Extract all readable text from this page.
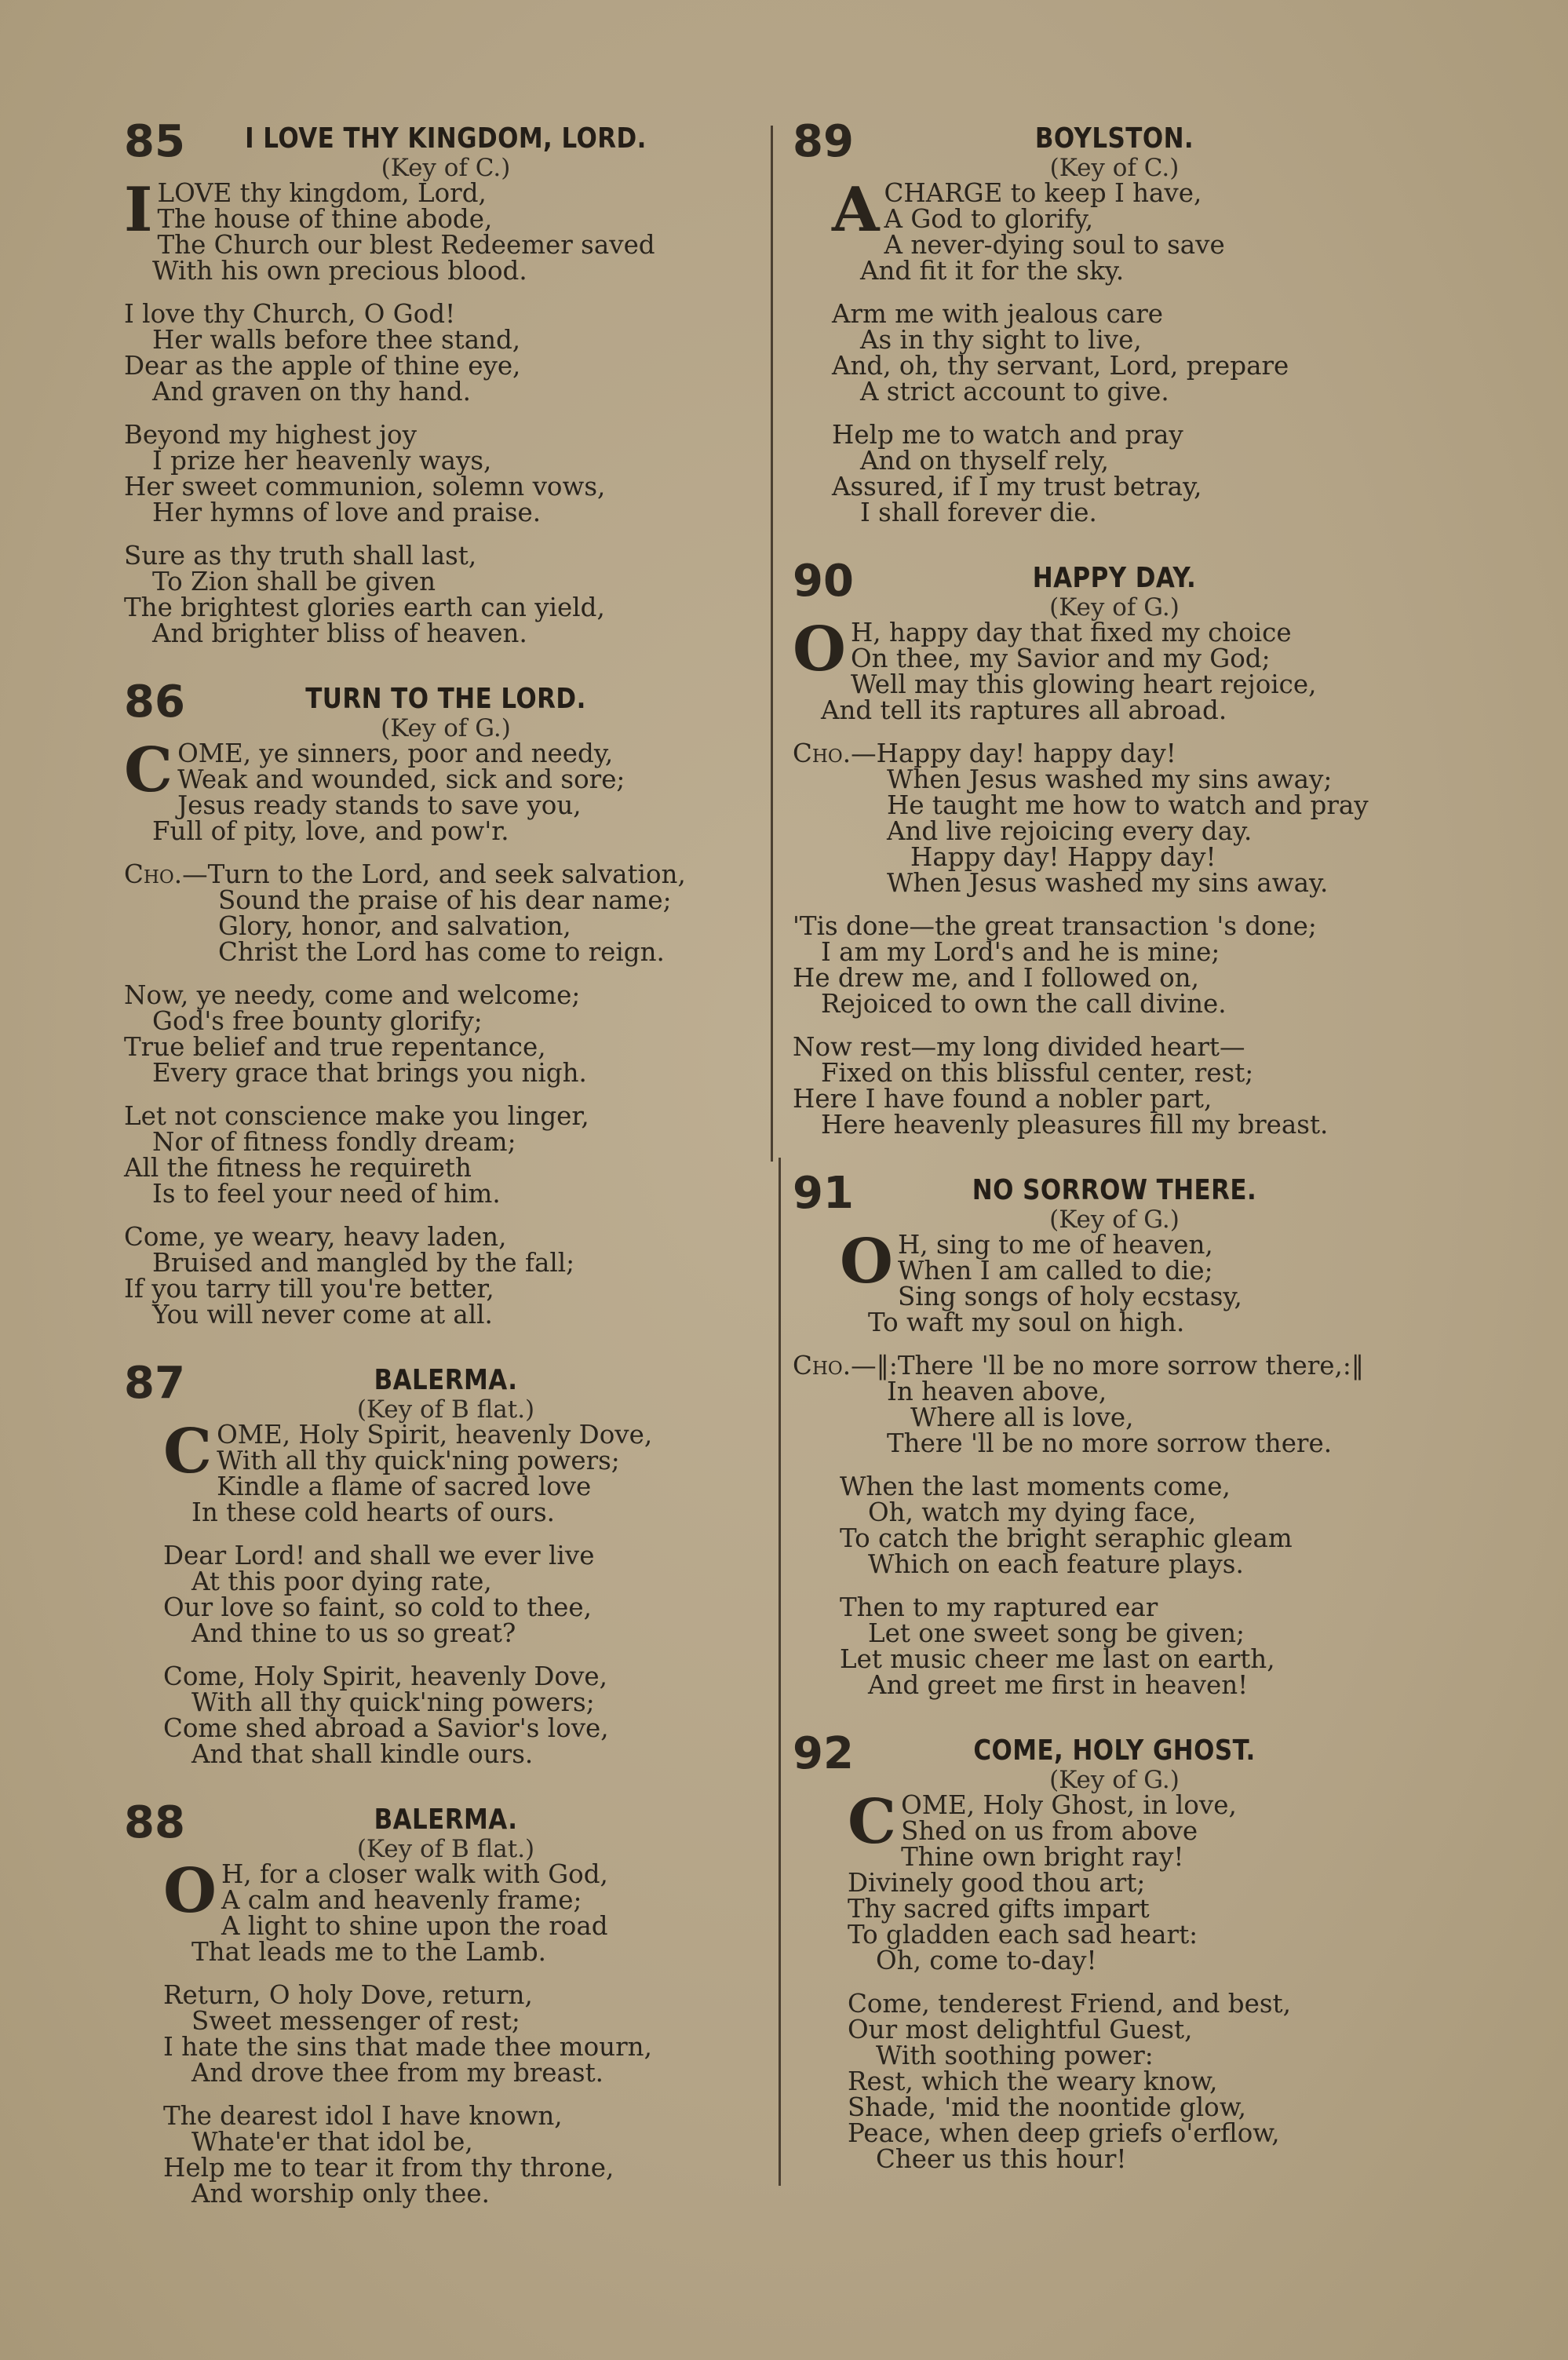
85	I LOVE THY KINGDOM, LORD.
(Key of C.)
I LOVE thy kingdom, Lord,
The house of thine abode,
The Church our blest Redeemer saved
With his own precious blood.
I love thy Church, O God!
Her walls before thee stand,
Dear as the apple of thine eye,
And graven on thy hand.
Beyond my highest joy
I prize her heavenly ways,
Her sweet communion, solemn vows,
Her hymns of love and praise.
Sure as thy truth shall last,
To Zion shall be given
The brightest glories earth can yield,
And brighter bliss of heaven.
86	TURN TO THE LORD.
(Key of G.)
C OME, ye sinners, poor and needy,
Weak and wounded, sick and sore;
Jesus ready stands to save you,
Full of pity, love, and pow'r.
Cho.—Turn to the Lord, and seek salvation,
Sound the praise of his dear name;
Glory, honor, and salvation,
Christ the Lord has come to reign.
Now, ye needy, come and welcome;
God's free bounty glorify;
True belief and true repentance,
Every grace that brings you nigh.
Let not conscience make you linger,
Nor of fitness fondly dream;
All the fitness he requireth
Is to feel your need of him.
Come, ye weary, heavy laden,
Bruised and mangled by the fall;
If you tarry till you're better,
You will never come at all.
87	BALERMA.
(Key of B flat.)
C OME, Holy Spirit, heavenly Dove,
With all thy quick'ning powers;
Kindle a flame of sacred love
In these cold hearts of ours.
Dear Lord! and shall we ever live
At this poor dying rate,
Our love so faint, so cold to thee,
And thine to us so great?
Come, Holy Spirit, heavenly Dove,
With all thy quick'ning powers;
Come shed abroad a Savior's love,
And that shall kindle ours.
88	BALERMA.
(Key of B flat.)
O H, for a closer walk with God,
A calm and heavenly frame;
A light to shine upon the road
That leads me to the Lamb.
Return, O holy Dove, return,
Sweet messenger of rest;
I hate the sins that made thee mourn,
And drove thee from my breast.
The dearest idol I have known,
Whate'er that idol be,
Help me to tear it from thy throne,
And worship only thee.
89	BOYLSTON.
(Key of C.)
A CHARGE to keep I have,
A God to glorify,
A never-dying soul to save
And fit it for the sky.
Arm me with jealous care
As in thy sight to live,
And, oh, thy servant, Lord, prepare
A strict account to give.
Help me to watch and pray
And on thyself rely,
Assured, if I my trust betray,
I shall forever die.
90	HAPPY DAY.
(Key of G.)
O H, happy day that fixed my choice
On thee, my Savior and my God;
Well may this glowing heart rejoice,
And tell its raptures all abroad.
Cho.—Happy day! happy day!
When Jesus washed my sins away;
He taught me how to watch and pray
And live rejoicing every day.
Happy day! Happy day!
When Jesus washed my sins away.
'Tis done—the great transaction 's done;
I am my Lord's and he is mine;
He drew me, and I followed on,
Rejoiced to own the call divine.
Now rest—my long divided heart—
Fixed on this blissful center, rest;
Here I have found a nobler part,
Here heavenly pleasures fill my breast.
91	NO SORROW THERE.
(Key of G.)
O H, sing to me of heaven,
When I am called to die;
Sing songs of holy ecstasy,
To waft my soul on high.
Cho.—‖:There 'll be no more sorrow there,:‖
In heaven above,
Where all is love,
There 'll be no more sorrow there.
When the last moments come,
Oh, watch my dying face,
To catch the bright seraphic gleam
Which on each feature plays.
Then to my raptured ear
Let one sweet song be given;
Let music cheer me last on earth,
And greet me first in heaven!
92	COME, HOLY GHOST.
(Key of G.)
C OME, Holy Ghost, in love,
Shed on us from above
Thine own bright ray!
Divinely good thou art;
Thy sacred gifts impart
To gladden each sad heart:
Oh, come to-day!
Come, tenderest Friend, and best,
Our most delightful Guest,
With soothing power:
Rest, which the weary know,
Shade, 'mid the noontide glow,
Peace, when deep griefs o'erflow,
Cheer us this hour!
